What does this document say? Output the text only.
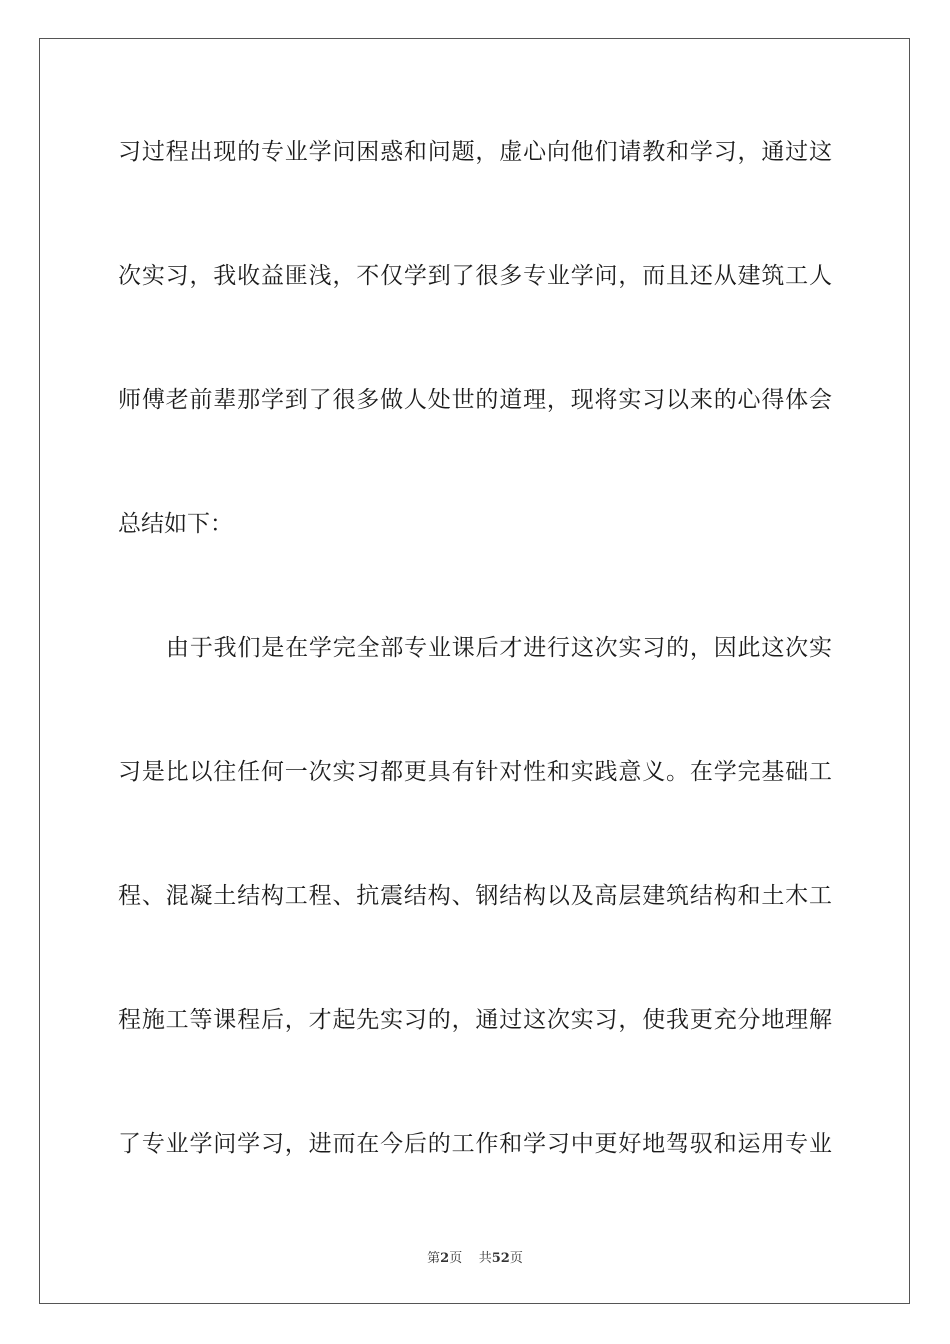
习过程出现的专业学问困惑和问题，虚心向他们请教和学习，通过这
次实习，我收益匪浅，不仅学到了很多专业学问，而且还从建筑工人
师傅老前辈那学到了很多做人处世的道理，现将实习以来的心得体会
总结如下：
由于我们是在学完全部专业课后才进行这次实习的，因此这次实
习是比以往任何一次实习都更具有针对性和实践意义。在学完基础工
程、混凝土结构工程、抗震结构、钢结构以及高层建筑结构和土木工
程施工等课程后，才起先实习的，通过这次实习，使我更充分地理解
了专业学问学习，进而在今后的工作和学习中更好地驾驭和运用专业
第2页 共52页
